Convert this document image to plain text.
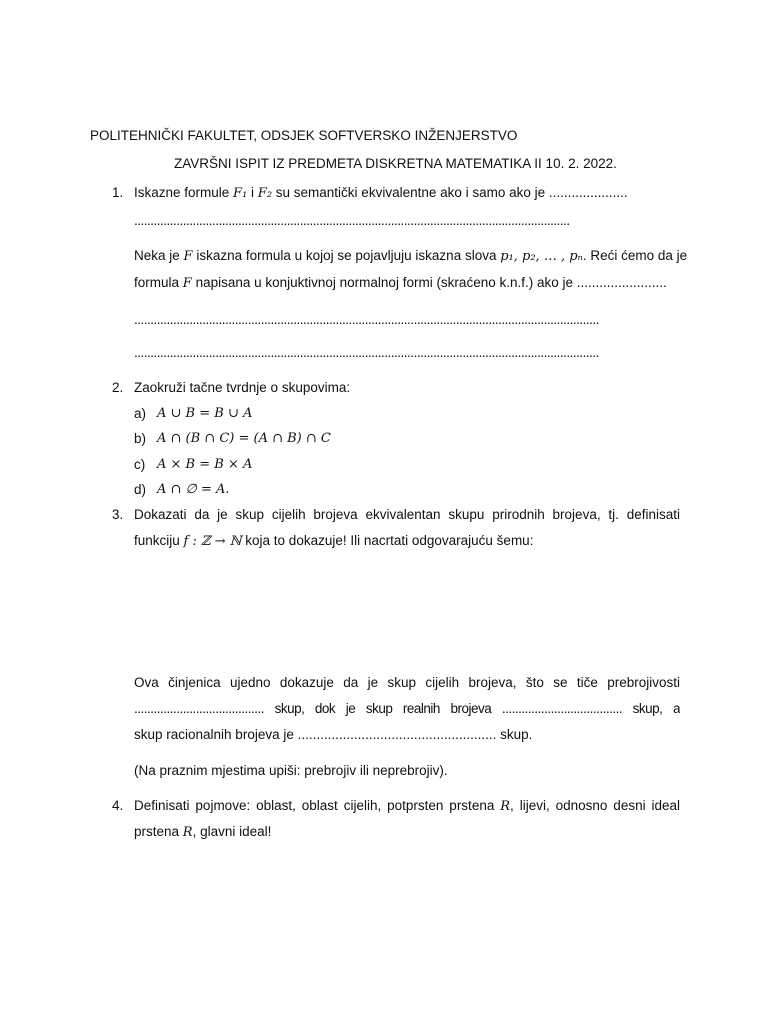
POLITEHNIČKI FAKULTET, ODSJEK SOFTVERSKO INŽENJERSTVO
ZAVRŠNI ISPIT IZ PREDMETA DISKRETNA MATEMATIKA II 10. 2. 2022.
1. Iskazne formule F₁ i F₂ su semantički ekvivalentne ako i samo ako je .....................
......................................................................................................................................
Neka je F iskazna formula u kojoj se pojavljuju iskazna slova p₁, p₂, … , pₙ. Reći ćemo da je
formula F napisana u konjuktivnoj normalnoj formi (skraćeno k.n.f.) ako je ........................
...............................................................................................................................................
...............................................................................................................................................
2. Zaokruži tačne tvrdnje o skupovima:
a) A ∪ B = B ∪ A
b) A ∩ (B ∩ C) = (A ∩ B) ∩ C
c) A × B = B × A
d) A ∩ ∅ = A.
3. Dokazati da je skup cijelih brojeva ekvivalentan skupu prirodnih brojeva, tj. definisati
funkciju f : ℤ → ℕ koja to dokazuje! Ili nacrtati odgovarajuću šemu:
Ova činjenica ujedno dokazuje da je skup cijelih brojeva, što se tiče prebrojivosti
........................................ skup, dok je skup realnih brojeva ..................................... skup, a
skup racionalnih brojeva je ..................................................... skup.
(Na praznim mjestima upiši: prebrojiv ili neprebrojiv).
4. Definisati pojmove: oblast, oblast cijelih, potprsten prstena R, lijevi, odnosno desni ideal
prstena R, glavni ideal!
